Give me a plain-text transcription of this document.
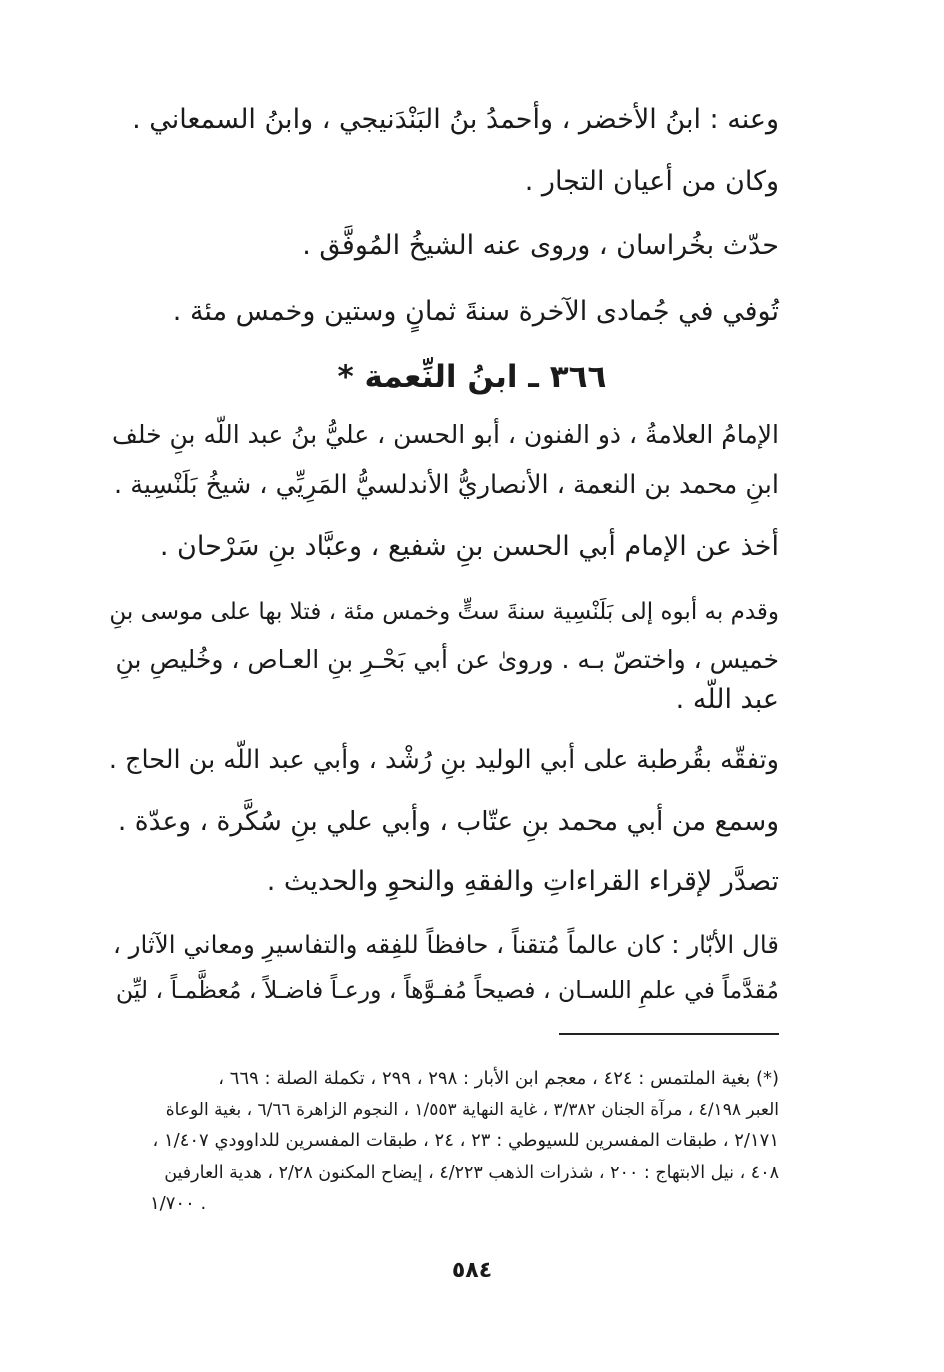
وعنه : ابنُ الأخضر ، وأحمدُ بنُ البَنْدَنيجي ، وابنُ السمعاني .
وكان من أعيان التجار .
حدّث بخُراسان ، وروى عنه الشيخُ المُوفَّق .
تُوفي في جُمادى الآخرة سنةَ ثمانٍ وستين وخمس مئة .
٣٦٦ ـ ابنُ النِّعمة *
الإمامُ العلامةُ ، ذو الفنون ، أبو الحسن ، عليُّ بنُ عبد اللّه بنِ خلف
ابنِ محمد بن النعمة ، الأنصاريُّ الأندلسيُّ المَرِيِّي ، شيخُ بَلَنْسِية .
أخذ عن الإمام أبي الحسن بنِ شفيع ، وعبَّاد بنِ سَرْحان .
وقدم به أبوه إلى بَلَنْسِية سنةَ ستٍّ وخمس مئة ، فتلا بها على موسى بنِ
خميس ، واختصّ بـه . وروىٰ عن أبي بَحْـرِ بنِ العـاص ، وخُليصِ بنِ
عبد اللّه .
وتفقّه بقُرطبة على أبي الوليد بنِ رُشْد ، وأبي عبد اللّه بن الحاج .
وسمع من أبي محمد بنِ عتّاب ، وأبي علي بنِ سُكَّرة ، وعدّة .
تصدَّر لإقراء القراءاتِ والفقهِ والنحوِ والحديث .
قال الأبّار : كان عالماً مُتقناً ، حافظاً للفِقه والتفاسيرِ ومعاني الآثار ،
مُقدَّماً في علمِ اللسـان ، فصيحاً مُفـوَّهاً ، ورعـاً فاضـلاً ، مُعظَّمـاً ، ليِّن
(*) بغية الملتمس : ٤٢٤ ، معجم ابن الأبار : ٢٩٨ ، ٢٩٩ ، تكملة الصلة : ٦٦٩ ،
العبر ٤/١٩٨ ، مرآة الجنان ٣/٣٨٢ ، غاية النهاية ١/٥٥٣ ، النجوم الزاهرة ٦/٦٦ ، بغية الوعاة
٢/١٧١ ، طبقات المفسرين للسيوطي : ٢٣ ، ٢٤ ، طبقات المفسرين للداوودي ١/٤٠٧ ،
٤٠٨ ، نيل الابتهاج : ٢٠٠ ، شذرات الذهب ٤/٢٢٣ ، إيضاح المكنون ٢/٢٨ ، هدية العارفين
١/٧٠٠ .
٥٨٤
